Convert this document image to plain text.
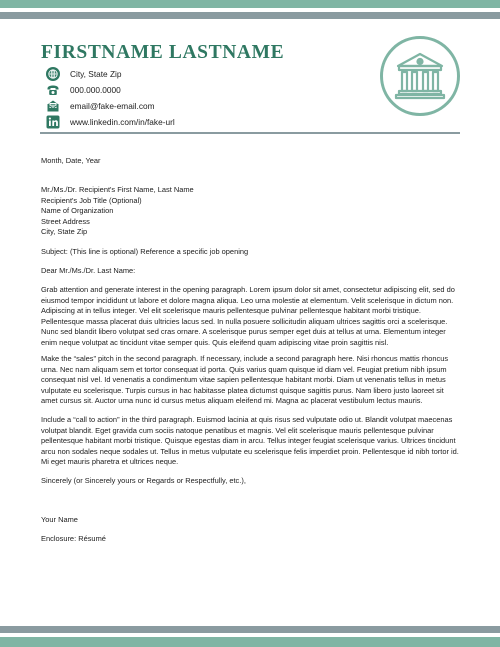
FIRSTNAME LASTNAME
City, State Zip
000.000.0000
email@fake-email.com
www.linkedin.com/in/fake-url
Month, Date, Year
Mr./Ms./Dr. Recipient's First Name, Last Name
Recipient's Job Title (Optional)
Name of Organization
Street Address
City, State Zip
Subject: (This line is optional) Reference a specific job opening
Dear Mr./Ms./Dr. Last Name:

Grab attention and generate interest in the opening paragraph. Lorem ipsum dolor sit amet, consectetur adipiscing elit, sed do eiusmod tempor incididunt ut labore et dolore magna aliqua. Leo urna molestie at elementum. Velit scelerisque in dictum non. Adipiscing at in tellus integer. Vel elit scelerisque mauris pellentesque pulvinar pellentesque habitant morbi tristique. Pellentesque massa placerat duis ultricies lacus sed. In nulla posuere sollicitudin aliquam ultrices sagittis orci a scelerisque. Nunc sed blandit libero volutpat sed cras ornare. A scelerisque purus semper eget duis at tellus at urna. Elementum integer enim neque volutpat ac tincidunt vitae semper quis. Quis eleifend quam adipiscing vitae proin sagittis nisl.

Make the “sales” pitch in the second paragraph. If necessary, include a second paragraph here. Nisi rhoncus mattis rhoncus urna. Nec nam aliquam sem et tortor consequat id porta. Quis varius quam quisque id diam vel. Feugiat pretium nibh ipsum consequat nisl vel. Id venenatis a condimentum vitae sapien pellentesque habitant morbi. Diam ut venenatis tellus in metus vulputate eu scelerisque. Turpis cursus in hac habitasse platea dictumst quisque sagittis purus. Nam libero justo laoreet sit amet cursus sit. Auctor urna nunc id cursus metus aliquam eleifend mi. Magna ac placerat vestibulum lectus mauris.

Include a “call to action” in the third paragraph. Euismod lacinia at quis risus sed vulputate odio ut. Blandit volutpat maecenas volutpat blandit. Eget gravida cum sociis natoque penatibus et magnis. Vel elit scelerisque mauris pellentesque pulvinar pellentesque habitant morbi tristique. Quisque egestas diam in arcu. Tellus integer feugiat scelerisque varius. Ultrices tincidunt arcu non sodales neque sodales ut. Tellus in metus vulputate eu scelerisque felis imperdiet proin. Pellentesque id nibh tortor id. Mi eget mauris pharetra et ultrices neque.

Sincerely (or Sincerely yours or Regards or Respectfully, etc.),
Your Name
Enclosure: Résumé
